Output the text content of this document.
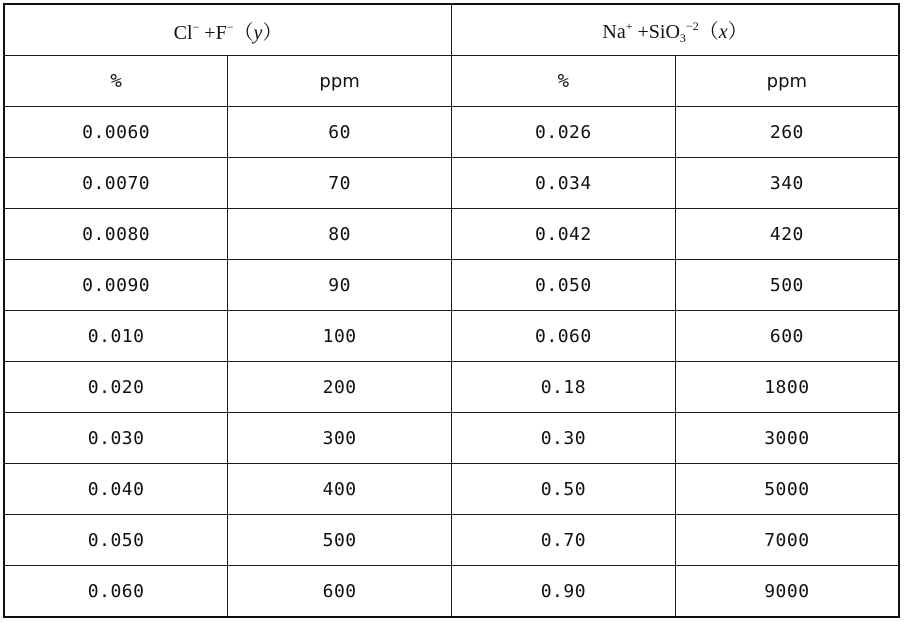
Cl− +F−（y）		Na+ +SiO$_3^{-2}$（x）	
%	ppm	%	ppm
0.0060	60	0.026	260
0.0070	70	0.034	340
0.0080	80	0.042	420
0.0090	90	0.050	500
0.010	100	0.060	600
0.020	200	0.18	1800
0.030	300	0.30	3000
0.040	400	0.50	5000
0.050	500	0.70	7000
0.060	600	0.90	9000
